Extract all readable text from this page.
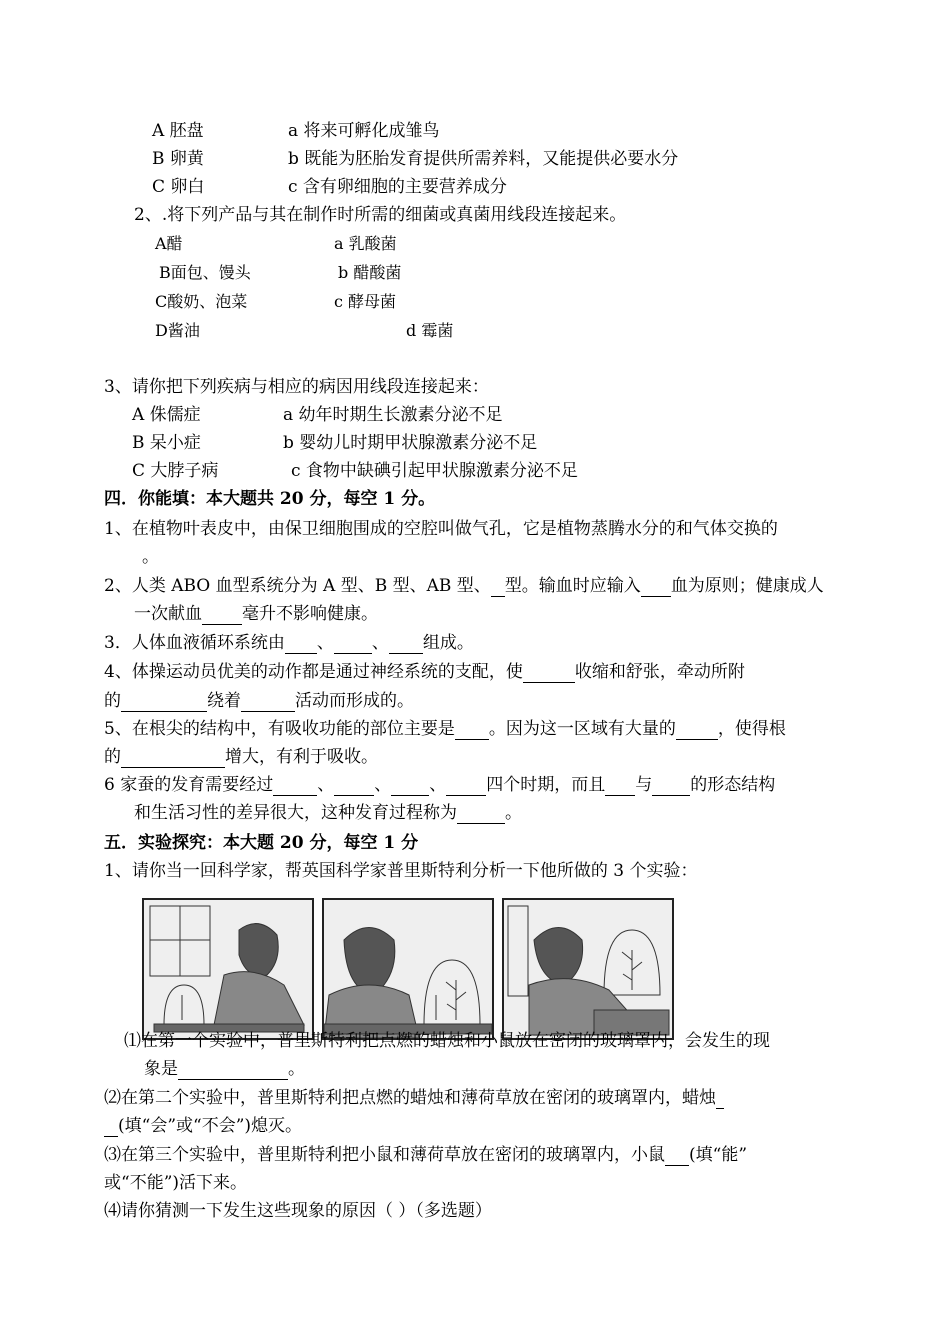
A 胚盘	a 将来可孵化成雏鸟
B 卵黄	b 既能为胚胎发育提供所需养料，又能提供必要水分
C 卵白	c 含有卵细胞的主要营养成分
2、.将下列产品与其在制作时所需的细菌或真菌用线段连接起来。
A醋	a 乳酸菌
B面包、馒头	b 醋酸菌
C酸奶、泡菜	c 酵母菌
D酱油	d 霉菌
3、请你把下列疾病与相应的病因用线段连接起来：
A 侏儒症	a 幼年时期生长激素分泌不足
B 呆小症	b 婴幼儿时期甲状腺激素分泌不足
C 大脖子病	c 食物中缺碘引起甲状腺激素分泌不足
四．你能填：本大题共 20 分，每空 1 分。
1、在植物叶表皮中，由保卫细胞围成的空腔叫做气孔，它是植物蒸腾水分的和气体交换的
。
2、人类 ABO 血型系统分为 A 型、B 型、AB 型、 型。输血时应输入 血为原则；健康成人
一次献血 毫升不影响健康。
3．人体血液循环系统由 、 、 组成。
4、体操运动员优美的动作都是通过神经系统的支配，使	收缩和舒张，牵动所附
的	绕着	活动而形成的。
5、在根尖的结构中，有吸收功能的部位主要是 。因为这一区域有大量的 ，使得根
的	增大，有利于吸收。
6 家蚕的发育需要经过	、 、 、 四个时期，而且 与 的形态结构
和生活习性的差异很大，这种发育过程称为	。
五．实验探究：本大题 20 分，每空 1 分
1、请你当一回科学家，帮英国科学家普里斯特利分析一下他所做的 3 个实验：
⑴在第一个实验中，普里斯特利把点燃的蜡烛和小鼠放在密闭的玻璃罩内，会发生的现
象是	。
⑵在第二个实验中，普里斯特利把点燃的蜡烛和薄荷草放在密闭的玻璃罩内，蜡烛
(填“会”或“不会”)熄灭。
⑶在第三个实验中，普里斯特利把小鼠和薄荷草放在密闭的玻璃罩内，小鼠 (填“能”
或“不能”)活下来。
⑷请你猜测一下发生这些现象的原因（ ）（多选题）
